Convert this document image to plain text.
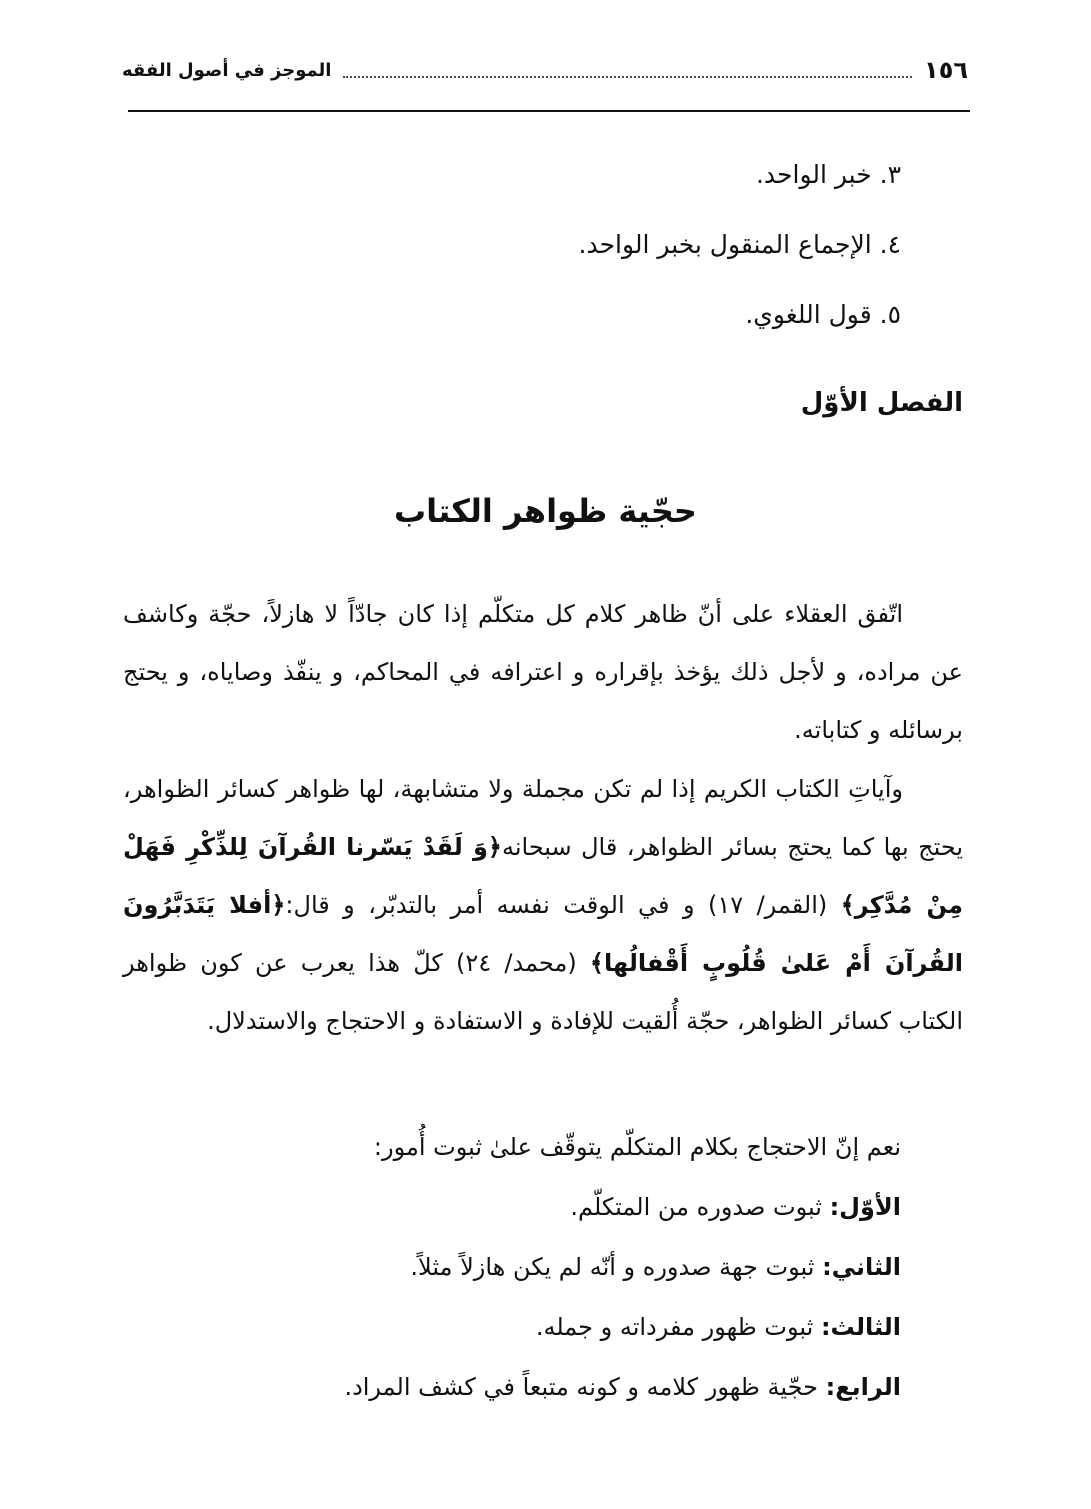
١٥٦
الموجز في أصول الفقه
٣. خبر الواحد.
٤. الإجماع المنقول بخبر الواحد.
٥. قول اللغوي.
الفصل الأوّل
حجّية ظواهر الكتاب

اتّفق العقلاء على أنّ ظاهر كلام كل متكلّم إذا كان جادّاً لا هازلاً، حجّة وكاشف عن مراده، و لأجل ذلك يؤخذ بإقراره و اعترافه في المحاكم، و ينفّذ وصاياه، و يحتج برسائله و كتاباته.

وآياتِ الكتاب الكريم إذا لم تكن مجملة ولا متشابهة، لها ظواهر كسائر الظواهر، يحتج بها كما يحتج بسائر الظواهر، قال سبحانه﴿وَ لَقَدْ يَسّرنا القُرآنَ لِلذِّكْرِ فَهَلْ مِنْ مُدَّكِر﴾ (القمر/ ١٧) و في الوقت نفسه أمر بالتدبّر، و قال:﴿أفلا يَتَدَبَّرُونَ القُرآنَ أَمْ عَلىٰ قُلُوبٍ أَقْفالُها﴾ (محمد/ ٢٤) كلّ هذا يعرب عن كون ظواهر الكتاب كسائر الظواهر، حجّة أُلقيت للإفادة و الاستفادة و الاحتجاج والاستدلال.

نعم إنّ الاحتجاج بكلام المتكلّم يتوقّف علىٰ ثبوت أُمور:
الأوّل: ثبوت صدوره من المتكلّم.
الثاني: ثبوت جهة صدوره و أنّه لم يكن هازلاً مثلاً.
الثالث: ثبوت ظهور مفرداته و جمله.
الرابع: حجّية ظهور كلامه و كونه متبعاً في كشف المراد.
